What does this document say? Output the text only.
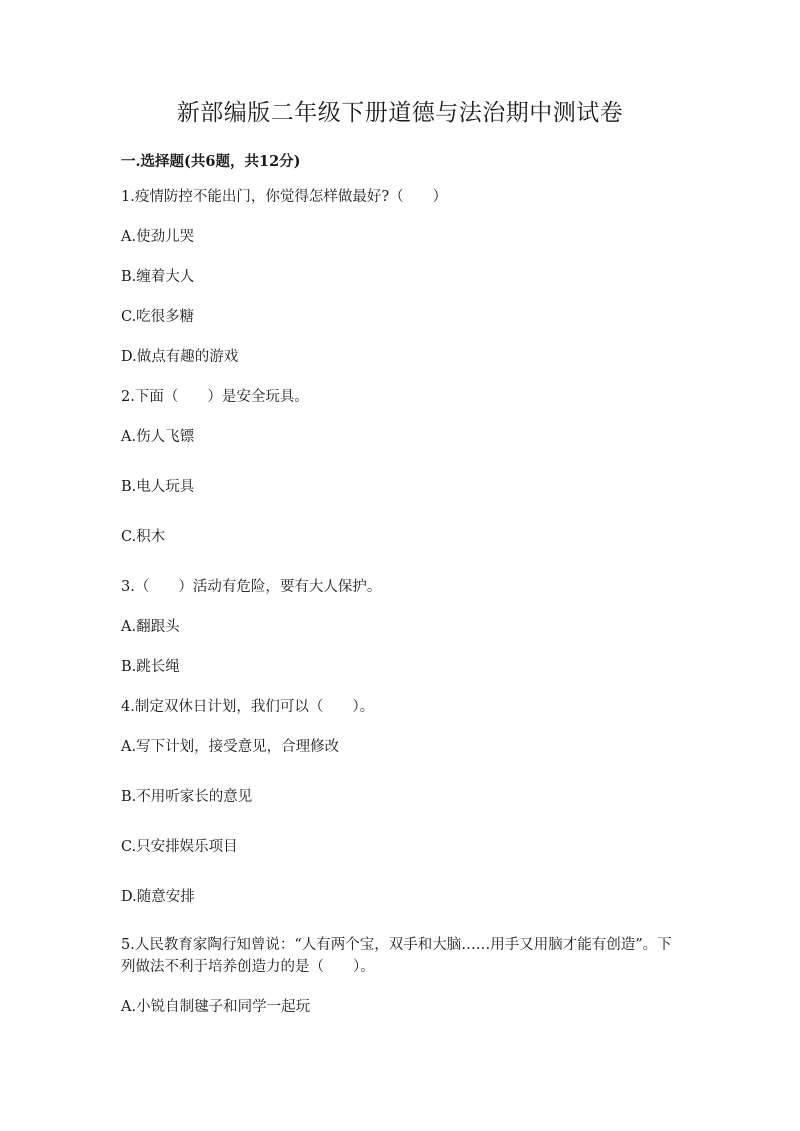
新部编版二年级下册道德与法治期中测试卷
一.选择题(共6题，共12分)
1.疫情防控不能出门，你觉得怎样做最好?（　　）
A.使劲儿哭
B.缠着大人
C.吃很多糖
D.做点有趣的游戏
2.下面（　　）是安全玩具。
A.伤人飞镖
B.电人玩具
C.积木
3.（　　）活动有危险，要有大人保护。
A.翻跟头
B.跳长绳
4.制定双休日计划，我们可以（　　）。
A.写下计划，接受意见，合理修改
B.不用听家长的意见
C.只安排娱乐项目
D.随意安排
5.人民教育家陶行知曾说：“人有两个宝，双手和大脑……用手又用脑才能有创造”。下列做法不利于培养创造力的是（　　）。
A.小锐自制毽子和同学一起玩
